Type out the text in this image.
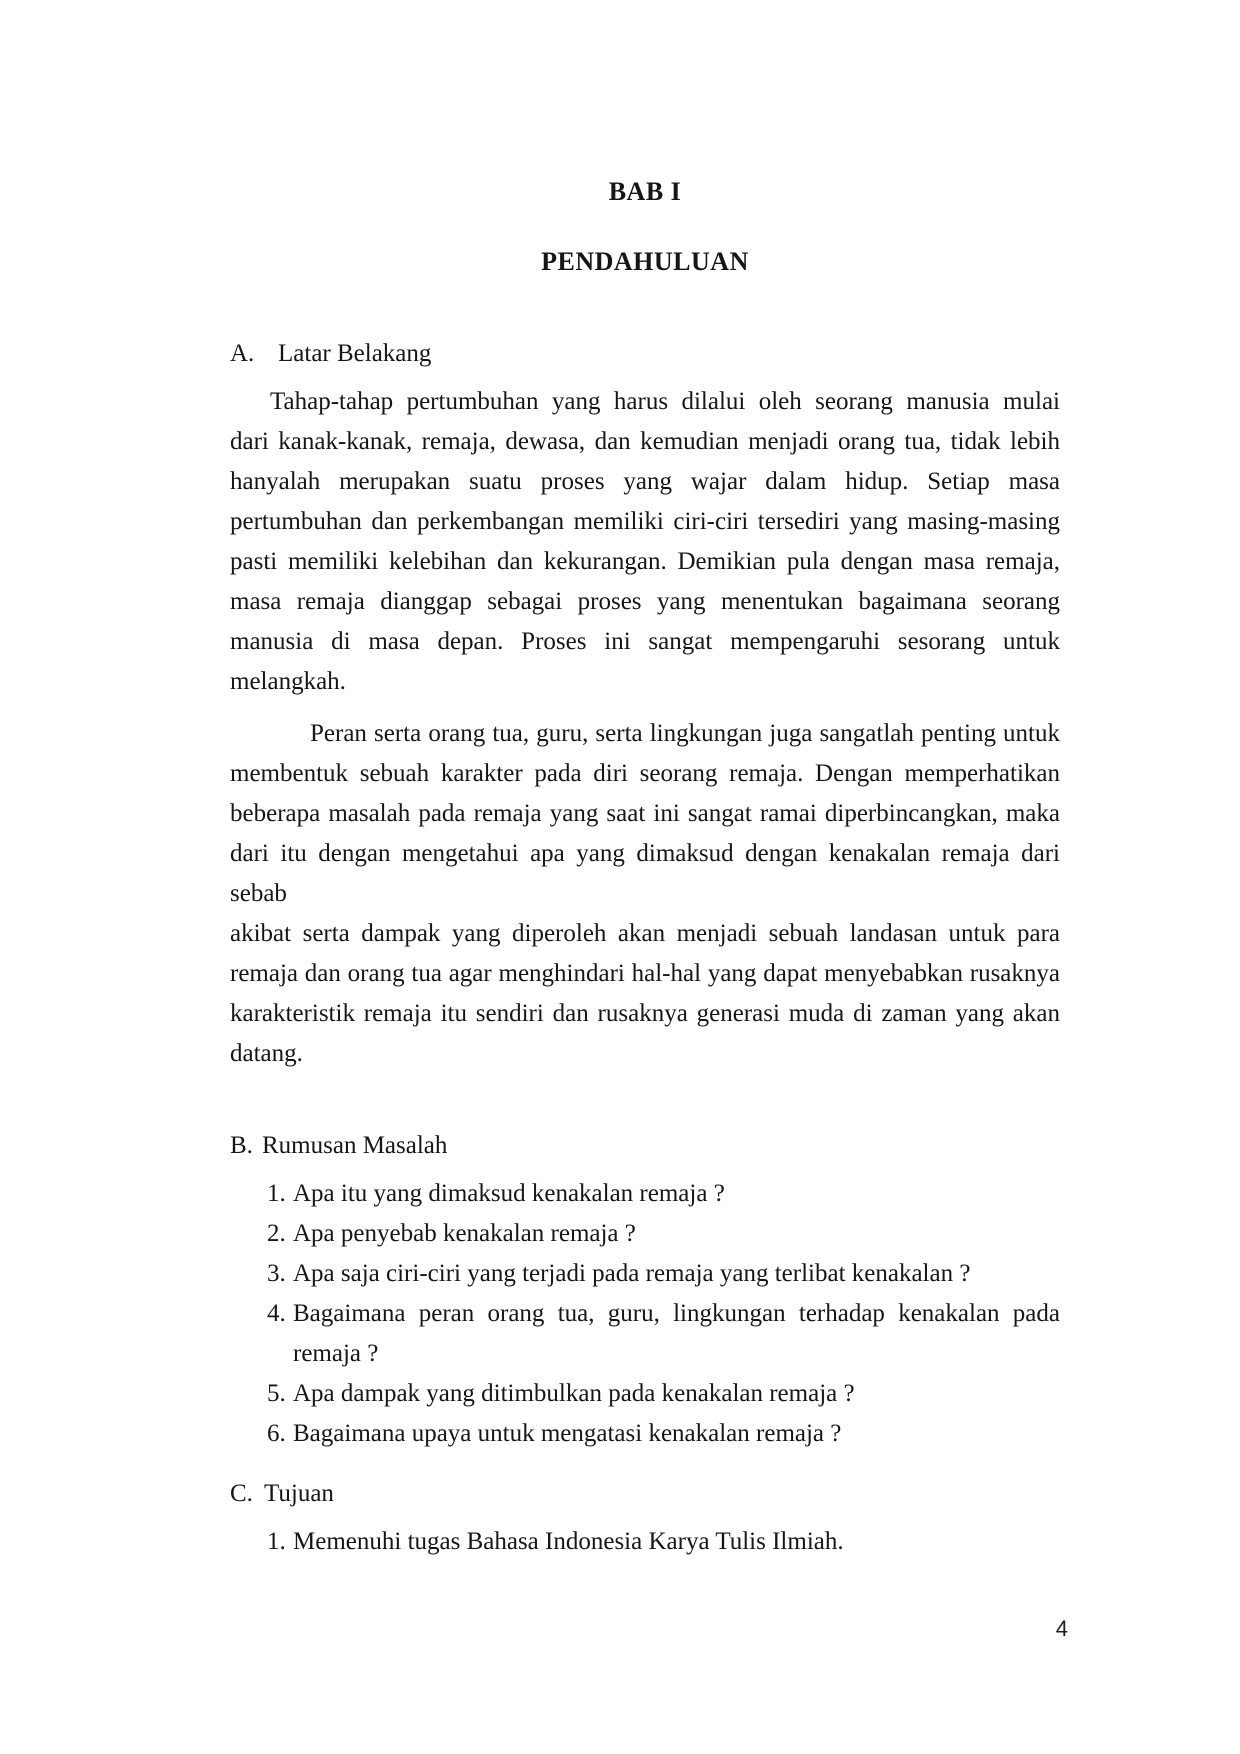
BAB I
PENDAHULUAN
A. Latar Belakang
Tahap-tahap pertumbuhan yang harus dilalui oleh seorang manusia mulai
dari kanak-kanak, remaja, dewasa, dan kemudian menjadi orang tua, tidak lebih
hanyalah merupakan suatu proses yang wajar dalam hidup. Setiap masa
pertumbuhan dan perkembangan memiliki ciri-ciri tersediri yang masing-masing
pasti memiliki kelebihan dan kekurangan. Demikian pula dengan masa remaja,
masa remaja dianggap sebagai proses yang menentukan bagaimana seorang
manusia di masa depan. Proses ini sangat mempengaruhi sesorang untuk
melangkah.
Peran serta orang tua, guru, serta lingkungan juga sangatlah penting untuk
membentuk sebuah karakter pada diri seorang remaja. Dengan memperhatikan
beberapa masalah pada remaja yang saat ini sangat ramai diperbincangkan, maka
dari itu dengan mengetahui apa yang dimaksud dengan kenakalan remaja dari sebab
akibat serta dampak yang diperoleh akan menjadi sebuah landasan untuk para
remaja dan orang tua agar menghindari hal-hal yang dapat menyebabkan rusaknya
karakteristik remaja itu sendiri dan rusaknya generasi muda di zaman yang akan
datang.
B. Rumusan Masalah
1. Apa itu yang dimaksud kenakalan remaja ?
2. Apa penyebab kenakalan remaja ?
3. Apa saja ciri-ciri yang terjadi pada remaja yang terlibat kenakalan ?
4. Bagaimana peran orang tua, guru, lingkungan terhadap kenakalan pada
remaja ?
5. Apa dampak yang ditimbulkan pada kenakalan remaja ?
6. Bagaimana upaya untuk mengatasi kenakalan remaja ?
C. Tujuan
1. Memenuhi tugas Bahasa Indonesia Karya Tulis Ilmiah.
4
